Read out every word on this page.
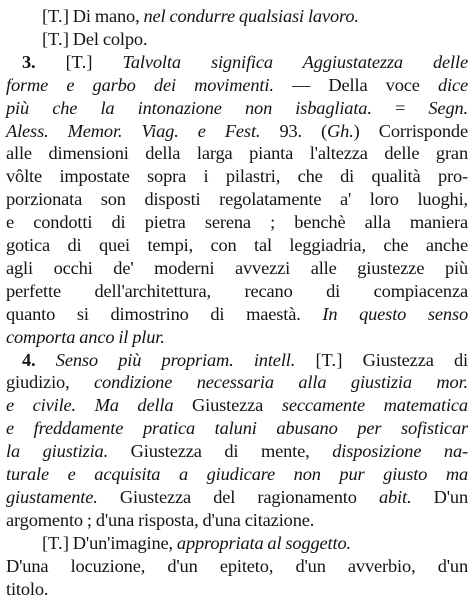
[T.] Di mano, nel condurre qualsiasi lavoro.
[T.] Del colpo.
3. [T.] Talvolta significa Aggiustatezza delle
forme e garbo dei movimenti. — Della voce dice
più che la intonazione non isbagliata. = Segn.
Aless. Memor. Viag. e Fest. 93. (Gh.) Corrisponde
alle dimensioni della larga pianta l'altezza delle gran
vôlte impostate sopra i pilastri, che di qualità pro-
porzionata son disposti regolatamente a' loro luoghi,
e condotti di pietra serena ; benchè alla maniera
gotica di quei tempi, con tal leggiadria, che anche
agli occhi de' moderni avvezzi alle giustezze più
perfette dell'architettura, recano di compiacenza
quanto si dimostrino di maestà. In questo senso
comporta anco il plur.
4. Senso più propriam. intell. [T.] Giustezza di
giudizio, condizione necessaria alla giustizia mor.
e civile. Ma della Giustezza seccamente matematica
e freddamente pratica taluni abusano per sofisticar
la giustizia. Giustezza di mente, disposizione na-
turale e acquisita a giudicare non pur giusto ma
giustamente. Giustezza del ragionamento abit. D'un
argomento ; d'una risposta, d'una citazione.
[T.] D'un'imagine, appropriata al soggetto.
D'una locuzione, d'un epiteto, d'un avverbio, d'un
titolo.
